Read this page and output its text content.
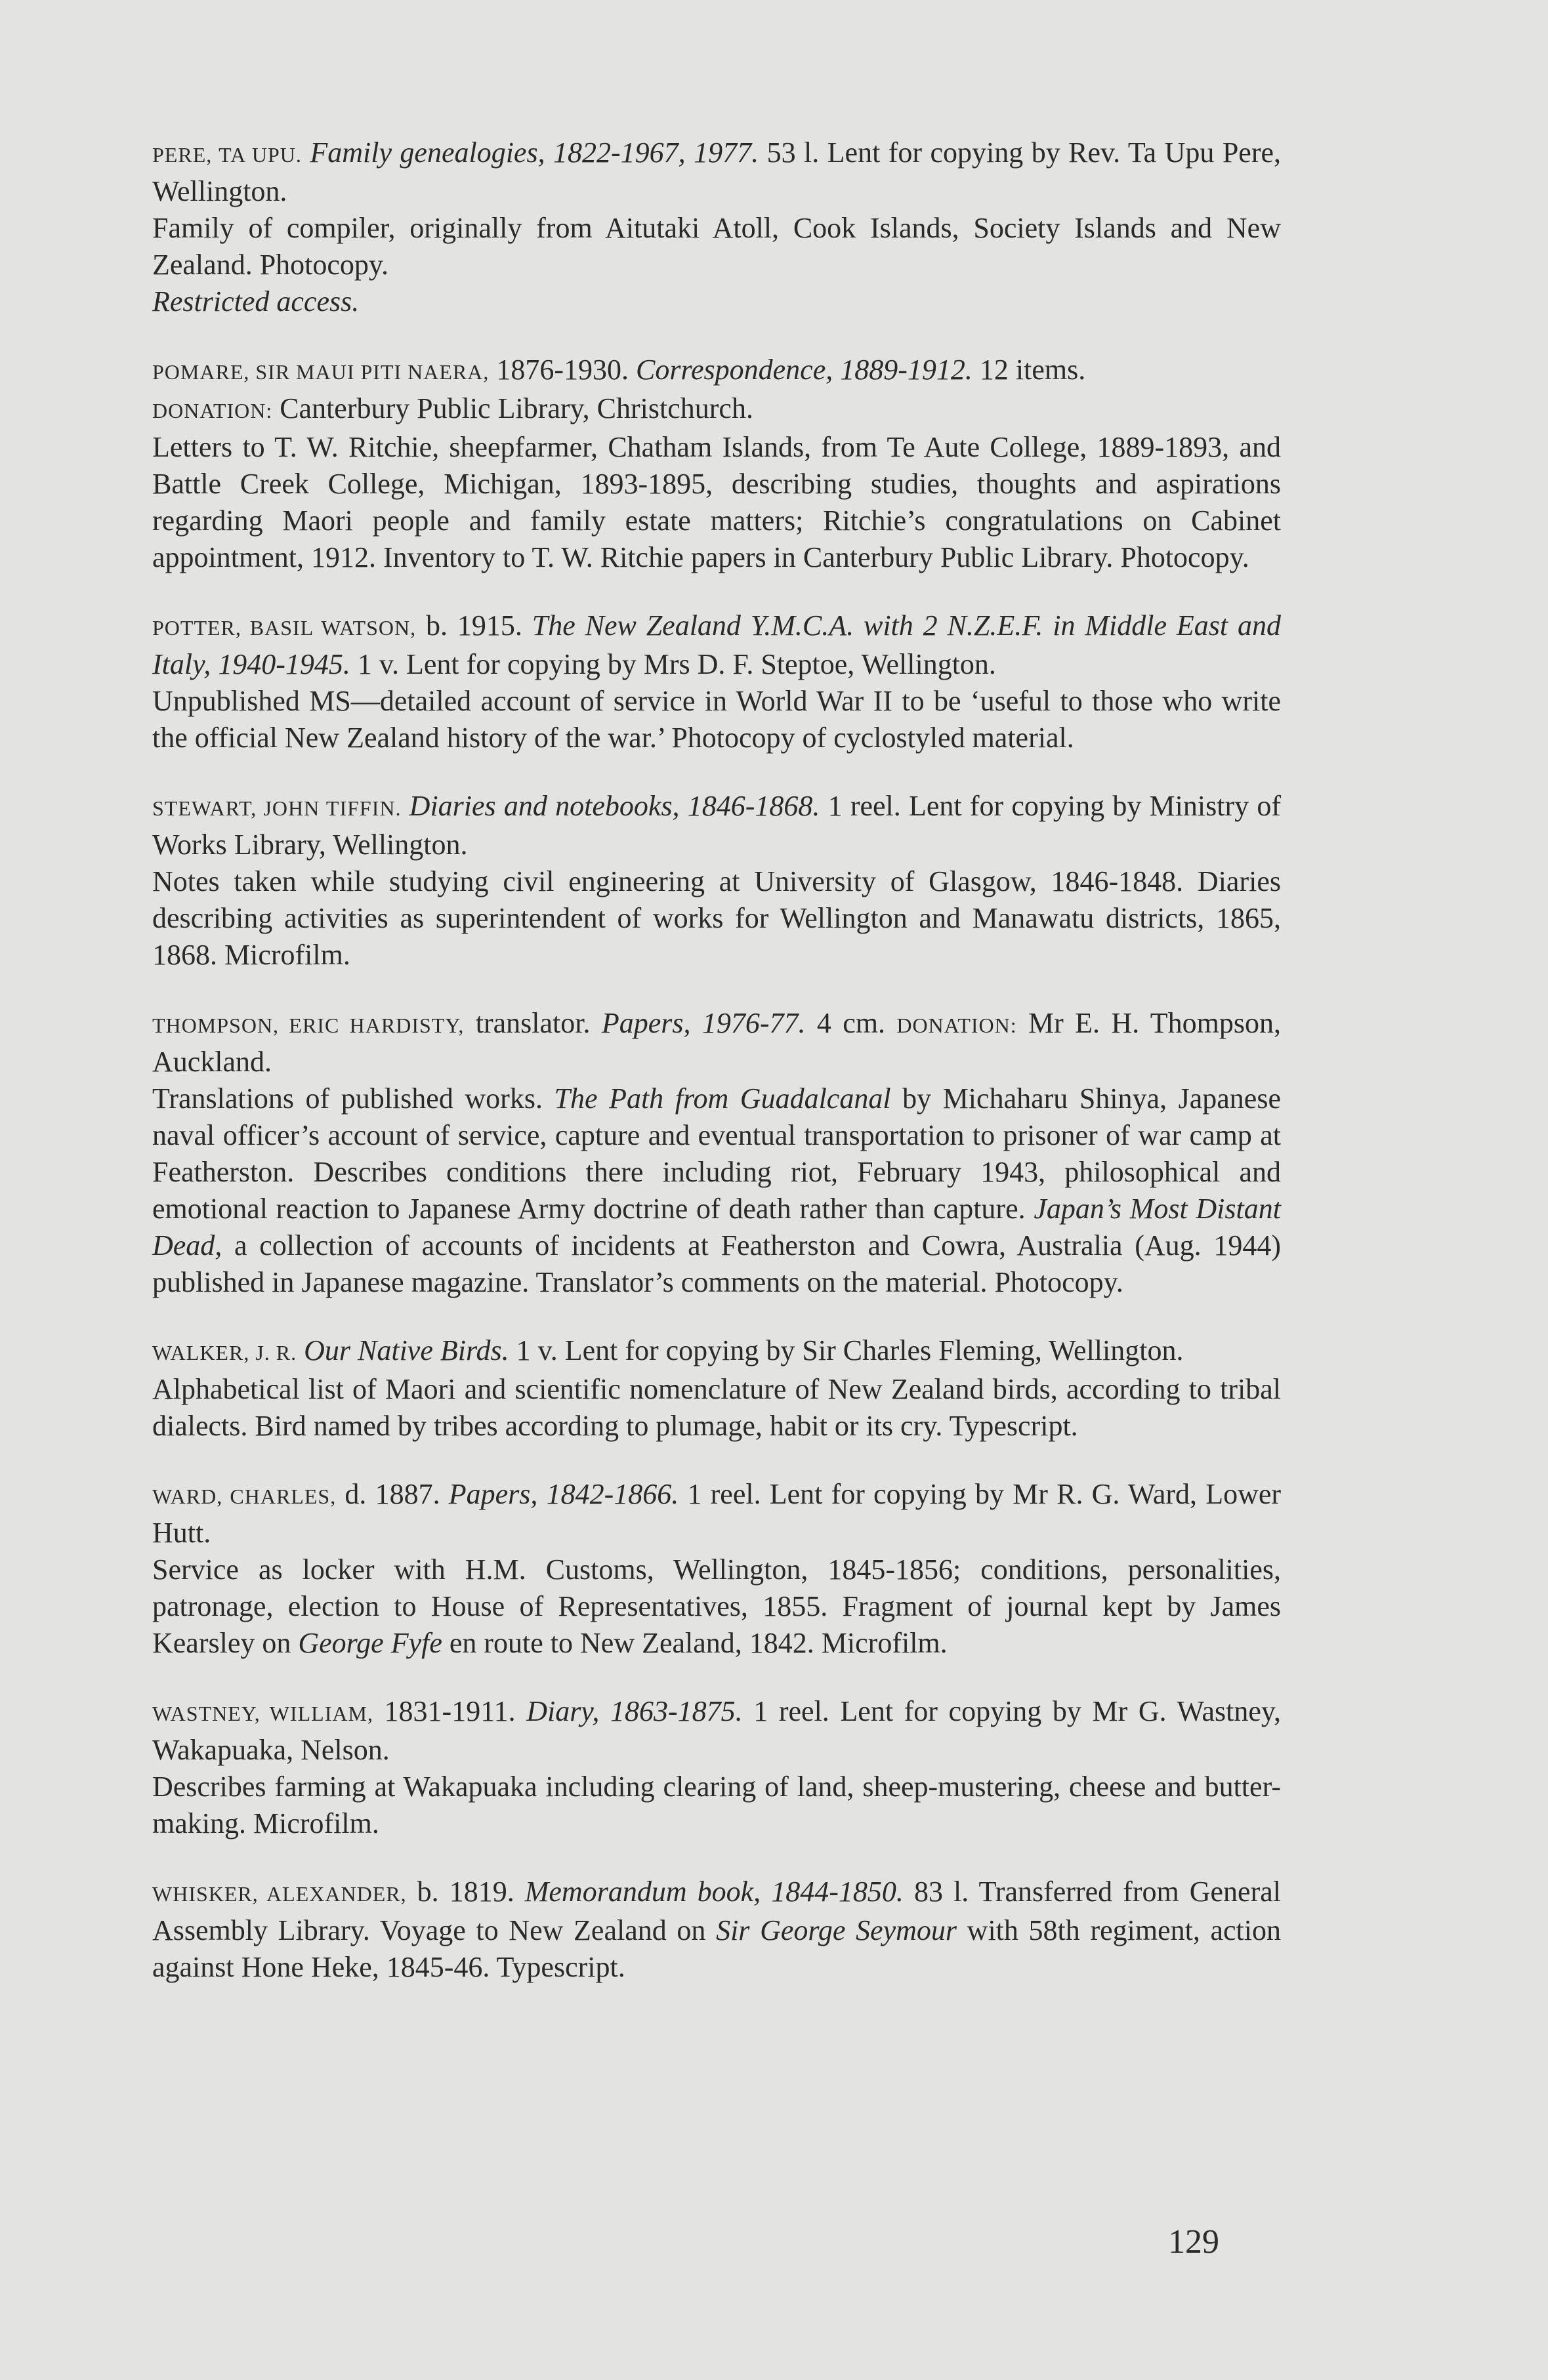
PERE, TA UPU. Family genealogies, 1822-1967, 1977. 53 l. Lent for copying by Rev. Ta Upu Pere, Wellington.

Family of compiler, originally from Aitutaki Atoll, Cook Islands, Society Islands and New Zealand. Photocopy.

Restricted access.

POMARE, SIR MAUI PITI NAERA, 1876-1930. Correspondence, 1889-1912. 12 items.

DONATION: Canterbury Public Library, Christchurch.

Letters to T. W. Ritchie, sheepfarmer, Chatham Islands, from Te Aute College, 1889-1893, and Battle Creek College, Michigan, 1893-1895, describing studies, thoughts and aspirations regarding Maori people and family estate matters; Ritchie’s congratulations on Cabinet appointment, 1912. Inventory to T. W. Ritchie papers in Canterbury Public Library. Photocopy.

POTTER, BASIL WATSON, b. 1915. The New Zealand Y.M.C.A. with 2 N.Z.E.F. in Middle East and Italy, 1940-1945. 1 v. Lent for copying by Mrs D. F. Steptoe, Wellington.

Unpublished MS—detailed account of service in World War II to be ‘useful to those who write the official New Zealand history of the war.’ Photocopy of cyclostyled material.

STEWART, JOHN TIFFIN. Diaries and notebooks, 1846-1868. 1 reel. Lent for copying by Ministry of Works Library, Wellington.

Notes taken while studying civil engineering at University of Glasgow, 1846-1848. Diaries describing activities as superintendent of works for Wellington and Manawatu districts, 1865, 1868. Microfilm.

THOMPSON, ERIC HARDISTY, translator. Papers, 1976-77. 4 cm. DONATION: Mr E. H. Thompson, Auckland.

Translations of published works. The Path from Guadalcanal by Michaharu Shinya, Japanese naval officer’s account of service, capture and eventual transportation to prisoner of war camp at Featherston. Describes conditions there including riot, February 1943, philosophical and emotional reaction to Japanese Army doctrine of death rather than capture. Japan’s Most Distant Dead, a collection of accounts of incidents at Featherston and Cowra, Australia (Aug. 1944) published in Japanese magazine. Translator’s comments on the material. Photocopy.

WALKER, J. R. Our Native Birds. 1 v. Lent for copying by Sir Charles Fleming, Wellington.

Alphabetical list of Maori and scientific nomenclature of New Zealand birds, according to tribal dialects. Bird named by tribes according to plumage, habit or its cry. Typescript.

WARD, CHARLES, d. 1887. Papers, 1842-1866. 1 reel. Lent for copying by Mr R. G. Ward, Lower Hutt.

Service as locker with H.M. Customs, Wellington, 1845-1856; conditions, personalities, patronage, election to House of Representatives, 1855. Fragment of journal kept by James Kearsley on George Fyfe en route to New Zealand, 1842. Microfilm.

WASTNEY, WILLIAM, 1831-1911. Diary, 1863-1875. 1 reel. Lent for copying by Mr G. Wastney, Wakapuaka, Nelson.

Describes farming at Wakapuaka including clearing of land, sheep-mustering, cheese and butter-making. Microfilm.

WHISKER, ALEXANDER, b. 1819. Memorandum book, 1844-1850. 83 l. Transferred from General Assembly Library. Voyage to New Zealand on Sir George Seymour with 58th regiment, action against Hone Heke, 1845-46. Typescript.

129
